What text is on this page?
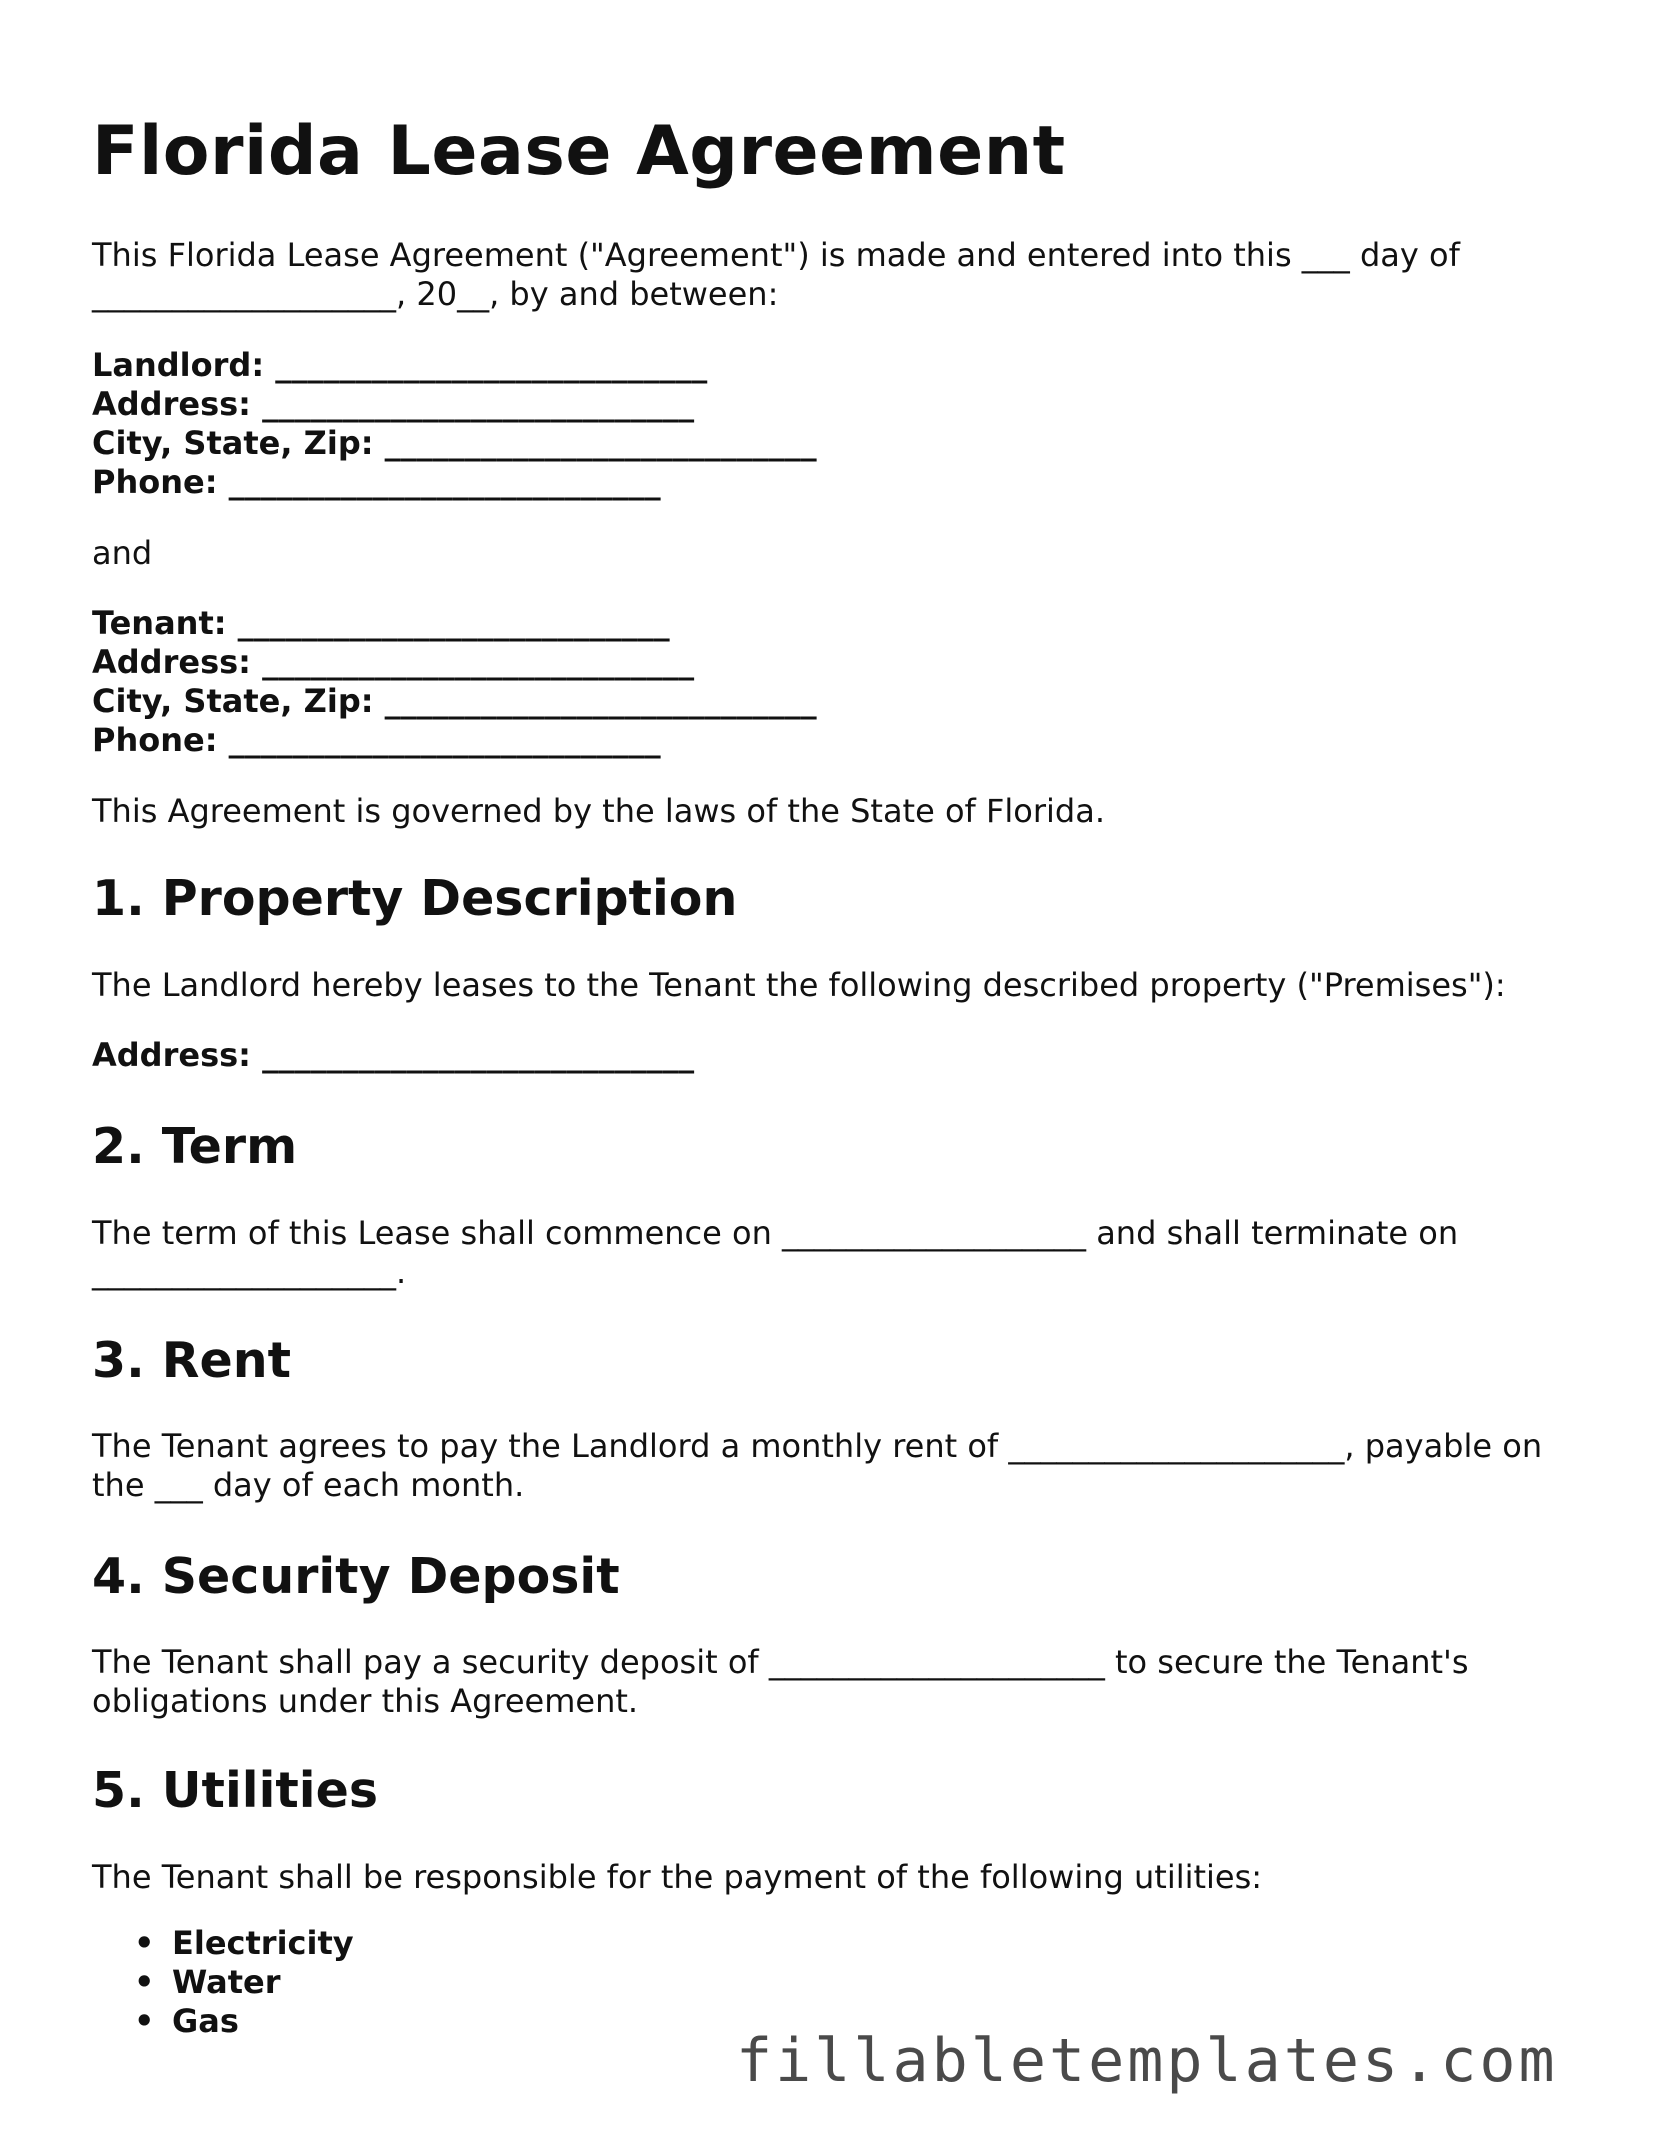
Florida Lease Agreement

This Florida Lease Agreement ("Agreement") is made and entered into this ___ day of ___________________, 20__, by and between:

Landlord: ___________________________
Address: ___________________________
City, State, Zip: ___________________________
Phone: ___________________________

and

Tenant: ___________________________
Address: ___________________________
City, State, Zip: ___________________________
Phone: ___________________________

This Agreement is governed by the laws of the State of Florida.

1. Property Description

The Landlord hereby leases to the Tenant the following described property ("Premises"):

Address: ___________________________

2. Term

The term of this Lease shall commence on ___________________ and shall terminate on ___________________.

3. Rent

The Tenant agrees to pay the Landlord a monthly rent of _____________________, payable on the ___ day of each month.

4. Security Deposit

The Tenant shall pay a security deposit of _____________________ to secure the Tenant's obligations under this Agreement.

5. Utilities

The Tenant shall be responsible for the payment of the following utilities:

• Electricity
• Water
• Gas
fillabletemplates.com
